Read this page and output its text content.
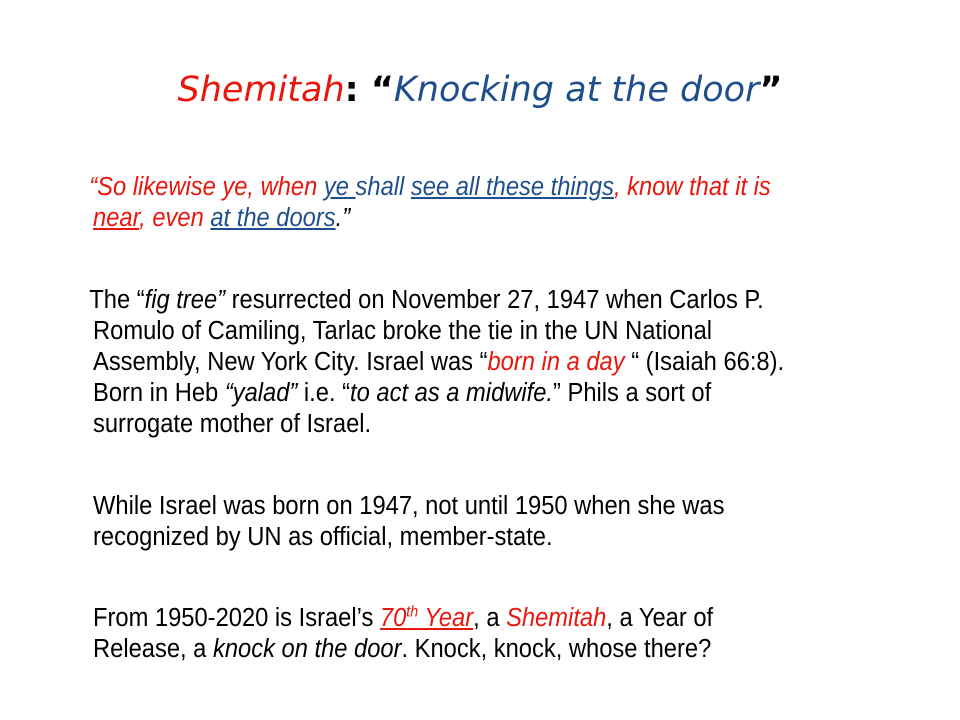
Shemitah: “Knocking at the door”
“So likewise ye, when ye shall see all these things, know that it is
near, even at the doors.”
The “fig tree” resurrected on November 27, 1947 when Carlos P.
Romulo of Camiling, Tarlac broke the tie in the UN National
Assembly, New York City. Israel was “born in a day “ (Isaiah 66:8).
Born in Heb “yalad” i.e. “to act as a midwife.” Phils a sort of
surrogate mother of Israel.
While Israel was born on 1947, not until 1950 when she was
recognized by UN as official, member-state.
From 1950-2020 is Israel’s 70th Year, a Shemitah, a Year of
Release, a knock on the door. Knock, knock, whose there?
